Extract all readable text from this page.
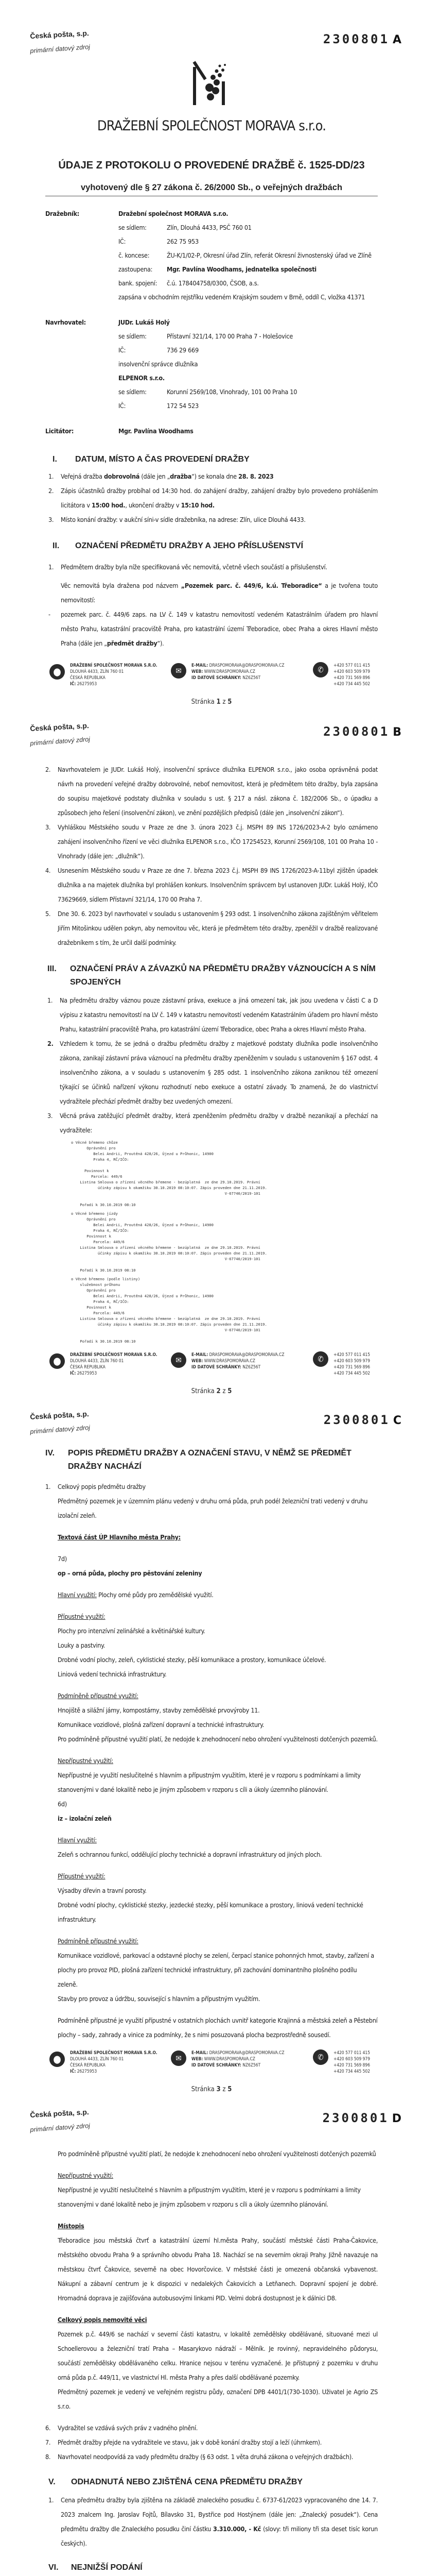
Česká pošta, s.p.
primární datový zdroj
2300801 A
DRAŽEBNÍ SPOLEČNOST MORAVA s.r.o.
ÚDAJE Z PROTOKOLU O PROVEDENÉ DRAŽBĚ č. 1525-DD/23
vyhotovený dle § 27 zákona č. 26/2000 Sb., o veřejných dražbách
Dražebník:	Dražební společnost MORAVA s.r.o.
se sídlem:	Zlín, Dlouhá 4433, PSČ 760 01
IČ:	262 75 953
č. koncese:	ŽU-K/1/02-P, Okresní úřad Zlín, referát Okresní živnostenský úřad ve Zlíně
zastoupena:	Mgr. Pavlína Woodhams, jednatelka společnosti
bank. spojení:	č.ú. 178404758/0300, ČSOB, a.s.
zapsána v obchodním rejstříku vedeném Krajským soudem v Brně, oddíl C, vložka 41371
Navrhovatel:	JUDr. Lukáš Holý
se sídlem:	Přístavní 321/14, 170 00 Praha 7 - Holešovice
IČ:	736 29 669
insolvenční správce dlužníka
ELPENOR s.r.o.
se sídlem:	Korunní 2569/108, Vinohrady, 101 00 Praha 10
IČ:	172 54 523
Licitátor:	Mgr. Pavlína Woodhams
I.	DATUM, MÍSTO A ČAS PROVEDENÍ DRAŽBY
1. Veřejná dražba dobrovolná (dále jen „dražba“) se konala dne 28. 8. 2023
2. Zápis účastníků dražby probíhal od 14:30 hod. do zahájení dražby, zahájení dražby bylo provedeno prohlášením licitátora v 15:00 hod., ukončení dražby v 15:10 hod.
3. Místo konání dražby: v aukční síni-v sídle dražebníka, na adrese: Zlín, ulice Dlouhá 4433.
II.	OZNAČENÍ PŘEDMĚTU DRAŽBY A JEHO PŘÍSLUŠENSTVÍ
1. Předmětem dražby byla níže specifikovaná věc nemovitá, včetně všech součástí a příslušenství.
Věc nemovitá byla dražena pod názvem „Pozemek parc. č. 449/6, k.ú. Třeboradice“ a je tvořena touto nemovitostí:
- pozemek parc. č. 449/6 zaps. na LV č. 149 v katastru nemovitostí vedeném Katastrálním úřadem pro hlavní město Prahu, katastrální pracoviště Praha, pro katastrální území Třeboradice, obec Praha a okres Hlavní město Praha (dále jen „předmět dražby“).
⬤
DRAŽEBNÍ SPOLEČNOST MORAVA S.R.O.
DLOUHÁ 4433, ZLÍN 760 01
ČESKÁ REPUBLIKA
IČ: 26275953
✉
E-MAIL: DRASPOMORAVA@DRASPOMORAVA.CZ
WEB: WWW.DRASPOMORAVA.CZ
ID DATOVÉ SCHRÁNKY: NZ6Z56T
✆	+420 577 011 415
+420 603 509 979
+420 731 569 896
+420 734 445 502
Stránka 1 z 5
Česká pošta, s.p.
primární datový zdroj
2300801 B
2. Navrhovatelem je JUDr. Lukáš Holý, insolvenční správce dlužníka ELPENOR s.r.o., jako osoba oprávněná podat návrh na provedení veřejné dražby dobrovolné, neboť nemovitost, která je předmětem této dražby, byla zapsána do soupisu majetkové podstaty dlužníka v souladu s ust. § 217 a násl. zákona č. 182/2006 Sb., o úpadku a způsobech jeho řešení (insolvenční zákon), ve znění pozdějších předpisů (dále jen „insolvenční zákon“).
3. Vyhláškou Městského soudu v Praze ze dne 3. února 2023 č.j. MSPH 89 INS 1726/2023-A-2 bylo oznámeno zahájení insolvenčního řízení ve věci dlužníka ELPENOR s.r.o., IČO 17254523, Korunní 2569/108, 101 00 Praha 10 - Vinohrady (dále jen: „dlužník“).
4. Usnesením Městského soudu v Praze ze dne 7. března 2023 č.j. MSPH 89 INS 1726/2023-A-11byl zjištěn úpadek dlužníka a na majetek dlužníka byl prohlášen konkurs. Insolvenčním správcem byl ustanoven JUDr. Lukáš Holý, IČO 73629669, sídlem Přístavní 321/14, 170 00 Praha 7.
5. Dne 30. 6. 2023 byl navrhovatel v souladu s ustanovením § 293 odst. 1 insolvenčního zákona zajištěným věřitelem Jiřím Mitošinkou udělen pokyn, aby nemovitou věc, která je předmětem této dražby, zpeněžil v dražbě realizované dražebníkem s tím, že určil další podmínky.
III.	OZNAČENÍ PRÁV A ZÁVAZKŮ NA PŘEDMĚTU DRAŽBY VÁZNOUCÍCH A S NÍM SPOJENÝCH
1. Na předmětu dražby váznou pouze zástavní práva, exekuce a jiná omezení tak, jak jsou uvedena v části C a D výpisu z katastru nemovitostí na LV č. 149 v katastru nemovitostí vedeném Katastrálním úřadem pro hlavní město Prahu, katastrální pracoviště Praha, pro katastrální území Třeboradice, obec Praha a okres Hlavní město Praha.
2. Vzhledem k tomu, že se jedná o dražbu předmětu dražby z majetkové podstaty dlužníka podle insolvenčního zákona, zanikají zástavní práva váznoucí na předmětu dražby zpeněžením v souladu s ustanovením § 167 odst. 4 insolvenčního zákona, a v souladu s ustanovením § 285 odst. 1 insolvenčního zákona zaniknou též omezení týkající se účinků nařízení výkonu rozhodnutí nebo exekuce a ostatní závady. To znamená, že do vlastnictví vydražitele přechází předmět dražby bez uvedených omezení.
3. Věcná práva zatěžující předmět dražby, která zpeněžením předmětu dražby v dražbě nezanikají a přechází na vydražitele:
o Věcné břemeno chůze
Oprávnění pro
Belei Andrii, Proutěná 428/26, Újezd u Průhonic, 14900
Praha 4, RČ/IČO:

Povinnost k
Parcela: 449/6
Listina Smlouva o zřízení věcného břemene - bezúplatná  ze dne 29.10.2019. Právní
účinky zápisu k okamžiku 30.10.2019 08:10:07. Zápis proveden dne 21.11.2019.
V-67740/2019-101

Pořadí k 30.10.2019 08:10
o Věcné břemeno jízdy
Oprávnění pro
Belei Andrii, Proutěná 428/26, Újezd u Průhonic, 14900
Praha 4, RČ/IČO:
Povinnost k
Parcela: 449/6
Listina Smlouva o zřízení věcného břemene - bezúplatná  ze dne 29.10.2019. Právní
účinky zápisu k okamžiku 30.10.2019 08:10:07. Zápis proveden dne 21.11.2019.
V-67740/2019-101

Pořadí k 30.10.2019 08:10
o Věcné břemeno (podle listiny)
služebnost průhonu
Oprávnění pro
Belei Andrii, Proutěná 428/26, Újezd u Průhonic, 14900
Praha 4, RČ/IČO:
Povinnost k
Parcela: 449/6
Listina Smlouva o zřízení věcného břemene - bezúplatná  ze dne 29.10.2019. Právní
účinky zápisu k okamžiku 30.10.2019 08:10:07. Zápis proveden dne 21.11.2019.
V-67740/2019-101

Pořadí k 30.10.2019 08:10
⬤
DRAŽEBNÍ SPOLEČNOST MORAVA S.R.O.
DLOUHÁ 4433, ZLÍN 760 01
ČESKÁ REPUBLIKA
IČ: 26275953
✉
E-MAIL: DRASPOMORAVA@DRASPOMORAVA.CZ
WEB: WWW.DRASPOMORAVA.CZ
ID DATOVÉ SCHRÁNKY: NZ6Z56T
✆	+420 577 011 415
+420 603 509 979
+420 731 569 896
+420 734 445 502
Stránka 2 z 5
Česká pošta, s.p.
primární datový zdroj
2300801 C
IV.	POPIS PŘEDMĚTU DRAŽBY A OZNAČENÍ STAVU, V NĚMŽ SE PŘEDMĚT DRAŽBY NACHÁZÍ
1. Celkový popis předmětu dražby
Předmětný pozemek je v územním plánu vedený v druhu orná půda, pruh podél železniční trati vedený v druhu izolační zeleň.
Textová část ÚP Hlavního města Prahy:
7d)
op – orná půda, plochy pro pěstování zeleniny
Hlavní využití: Plochy orné půdy pro zemědělské využití.
Přípustné využití:
Plochy pro intenzívní zelinářské a květinářské kultury.
Louky a pastviny.
Drobné vodní plochy, zeleň, cyklistické stezky, pěší komunikace a prostory, komunikace účelové.
Liniová vedení technická infrastruktury.
Podmíněně přípustné využití:
Hnojiště a silážní jámy, kompostárny, stavby zemědělské prvovýroby 11.
Komunikace vozidlové, plošná zařízení dopravní a technické infrastruktury.
Pro podmíněně přípustné využití platí, že nedojde k znehodnocení nebo ohrožení využitelnosti dotčených pozemků.
Nepřípustné využití:
Nepřípustné je využití neslučitelné s hlavním a přípustným využitím, které je v rozporu s podmínkami a limity stanovenými v dané lokalitě nebo je jiným způsobem v rozporu s cíli a úkoly územního plánování.
6d)
iz – izolační zeleň
Hlavní využití:
Zeleň s ochrannou funkcí, oddělující plochy technické a dopravní infrastruktury od jiných ploch.
Přípustné využití:
Výsadby dřevin a travní porosty.
Drobné vodní plochy, cyklistické stezky, jezdecké stezky, pěší komunikace a prostory, liniová vedení technické infrastruktury.
Podmíněně přípustné využití:
Komunikace vozidlové, parkovací a odstavné plochy se zelení, čerpací stanice pohonných hmot, stavby, zařízení a plochy pro provoz PID, plošná zařízení technické infrastruktury, při zachování dominantního plošného podílu zeleně.
Stavby pro provoz a údržbu, související s hlavním a přípustným využitím.
Podmíněně přípustné je využití přípustné v ostatních plochách uvnitř kategorie Krajinná a městská zeleň a Pěstební plochy – sady, zahrady a vinice za podmínky, že s nimi posuzovaná plocha bezprostředně sousedí.
⬤
DRAŽEBNÍ SPOLEČNOST MORAVA S.R.O.
DLOUHÁ 4433, ZLÍN 760 01
ČESKÁ REPUBLIKA
IČ: 26275953
✉
E-MAIL: DRASPOMORAVA@DRASPOMORAVA.CZ
WEB: WWW.DRASPOMORAVA.CZ
ID DATOVÉ SCHRÁNKY: NZ6Z56T
✆	+420 577 011 415
+420 603 509 979
+420 731 569 896
+420 734 445 502
Stránka 3 z 5
Česká pošta, s.p.
primární datový zdroj
2300801 D
Pro podmíněně přípustné využití platí, že nedojde k znehodnocení nebo ohrožení využitelnosti dotčených pozemků
Nepřípustné využití:
Nepřípustné je využití neslučitelné s hlavním a přípustným využitím, které je v rozporu s podmínkami a limity stanovenými v dané lokalitě nebo je jiným způsobem v rozporu s cíli a úkoly územního plánování.
Místopis
Třeboradice jsou městská čtvrť a katastrální území hl.města Prahy, součástí městské části Praha-Čakovice, městského obvodu Praha 9 a správního obvodu Praha 18. Nachází se na severním okraji Prahy. Jižně navazuje na městskou čtvrť Čakovice, severně na obec Hovorčovice. V městské části je omezená občanská vybavenost. Nákupní a zábavní centrum je k dispozici v nedalekých Čakovicích a Letňanech. Dopravní spojení je dobré. Hromadná doprava je zajišťována autobusovými linkami PID. Velmi dobrá dostupnost je k dálnici D8.
Celkový popis nemovité věci
Pozemek p.č. 449/6 se nachází v severní části katastru, v lokalitě zemědělsky obdělávané, situované mezi ul Schoellerovou a železniční tratí Praha – Masarykovo nádraží – Mělník. Je rovinný, nepravidelného půdorysu, součástí zemědělsky obdělávaného celku. Hranice nejsou v terénu vyznačené. Je přístupný z pozemku v druhu orná půda p.č. 449/11, ve vlastnictví Hl. města Prahy a přes další obdělávané pozemky.
Předmětný pozemek je vedený ve veřejném registru půdy, označení DPB 4401/1(730-1030). Uživatel je Agrio ZS s.r.o.
6. Vydražitel se vzdává svých práv z vadného plnění.
7. Předmět dražby přejde na vydražitele ve stavu, jak v době konání dražby stojí a leží (úhrnkem).
8. Navrhovatel neodpovídá za vady předmětu dražby (§ 63 odst. 1 věta druhá zákona o veřejných dražbách).
V.	ODHADNUTÁ NEBO ZJIŠTĚNÁ CENA PŘEDMĚTU DRAŽBY
1. Cena předmětu dražby byla zjištěna na základě znaleckého posudku č. 6737-61/2023 vypracovaného dne 14. 7. 2023 znalcem Ing. Jaroslav Fojtů, Bílavsko 31, Bystřice pod Hostýnem (dále jen: „Znalecký posudek“). Cena předmětu dražby dle Znaleckého posudku činí částku 3.310.000, - Kč (slovy: tři miliony tři sta deset tisíc korun českých).
VI.	NEJNIŽŠÍ PODÁNÍ
